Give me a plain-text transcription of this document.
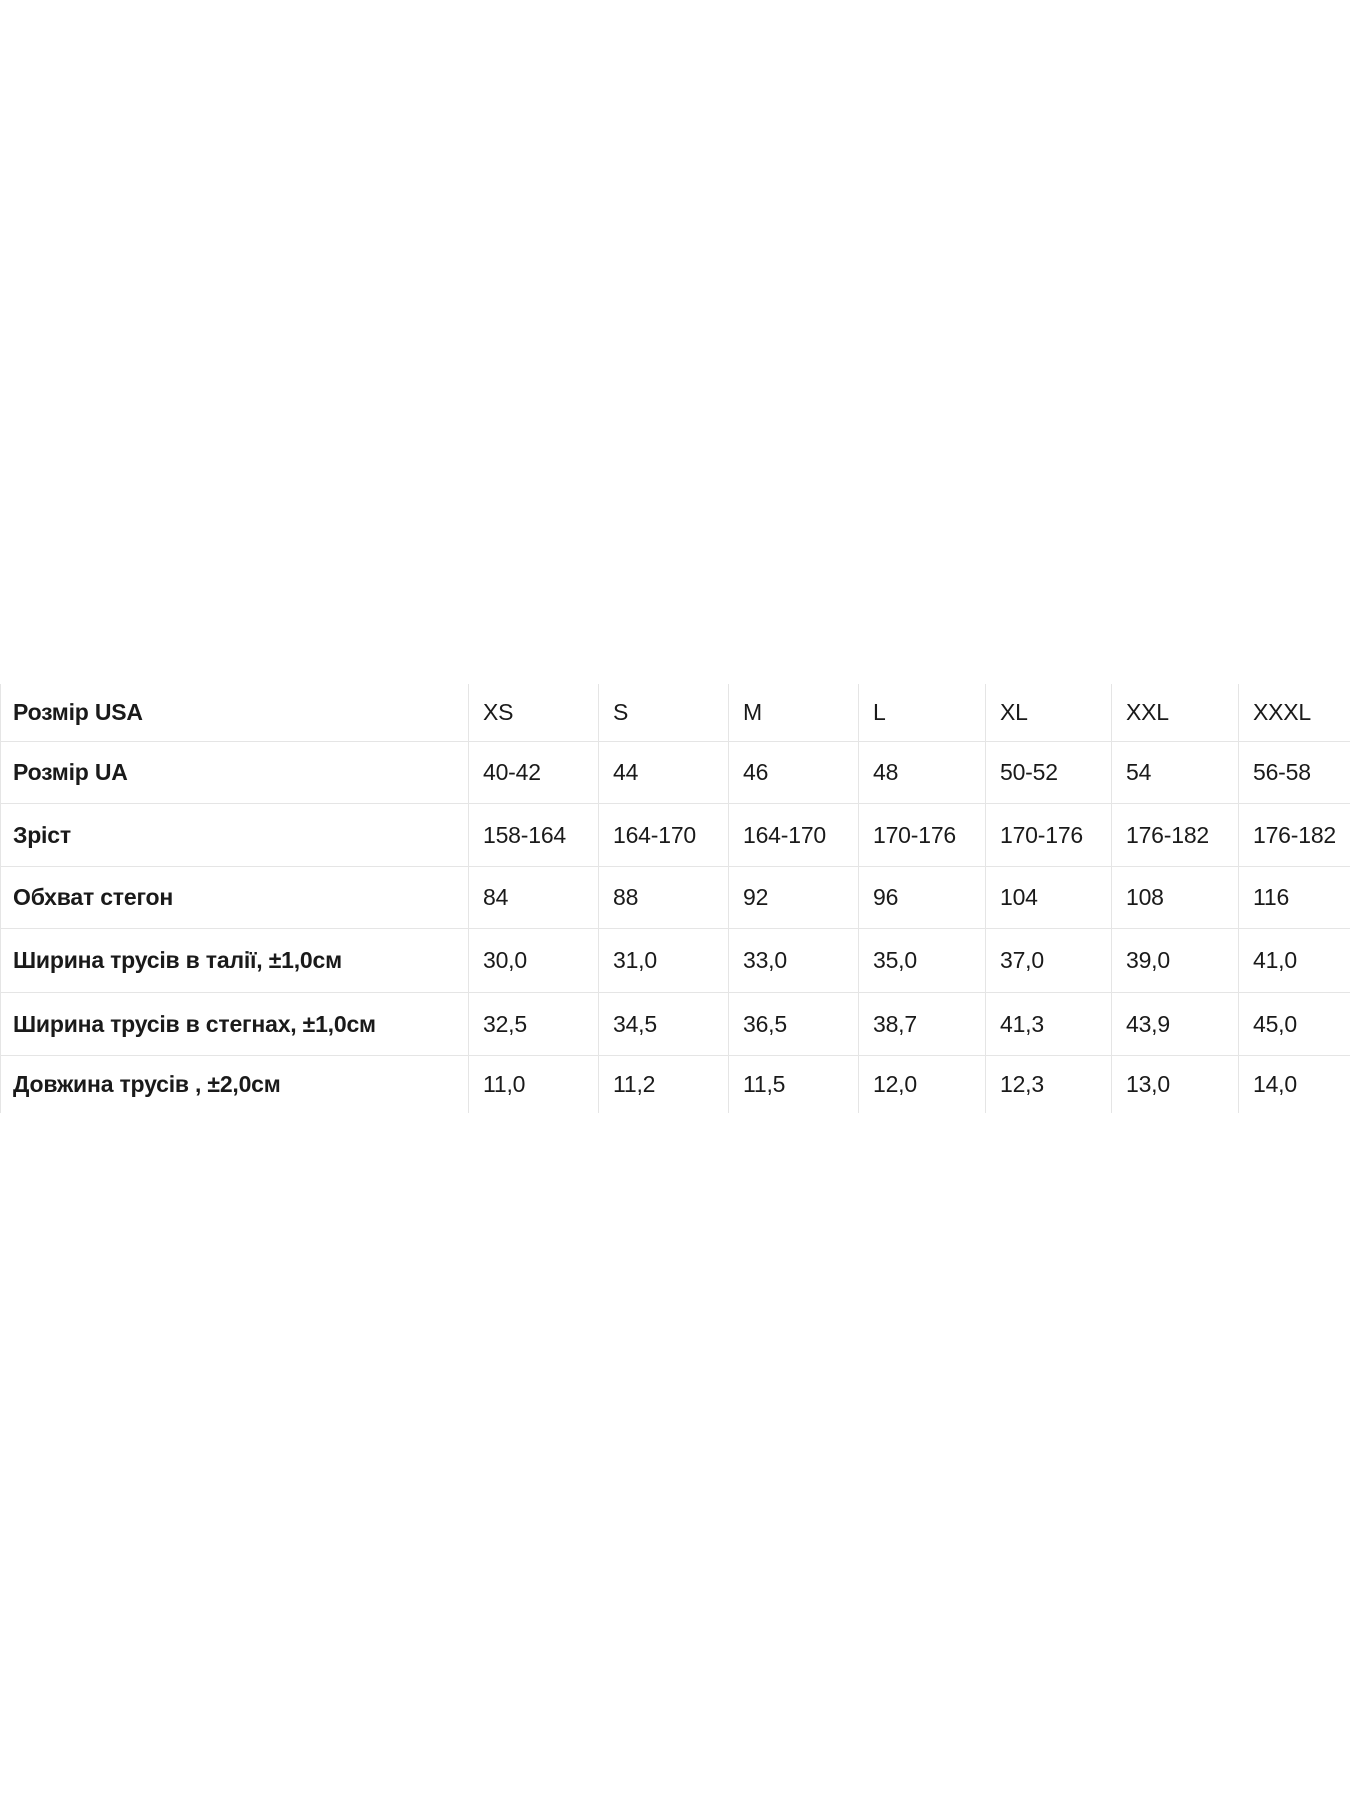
Розмір USA	XS	S	M	L	XL	XXL	XXXL
Розмір UA	40-42	44	46	48	50-52	54	56-58
Зріст	158-164	164-170	164-170	170-176	170-176	176-182	176-182
Обхват стегон	84	88	92	96	104	108	116
Ширина трусів в талії, ±1,0см	30,0	31,0	33,0	35,0	37,0	39,0	41,0
Ширина трусів в стегнах, ±1,0см	32,5	34,5	36,5	38,7	41,3	43,9	45,0
Довжина трусів , ±2,0см	11,0	11,2	11,5	12,0	12,3	13,0	14,0
